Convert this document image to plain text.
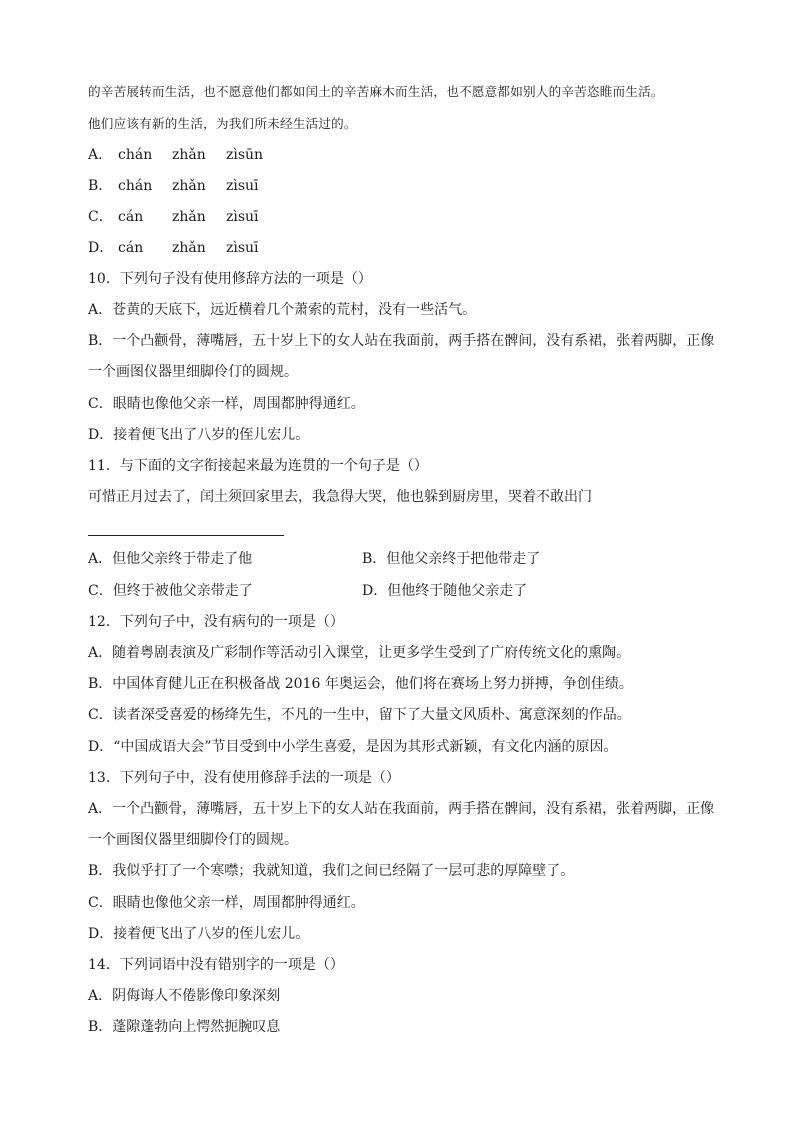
的辛苦展转而生活，也不愿意他们都如闰土的辛苦麻木而生活，也不愿意都如别人的辛苦恣睢而生活。
他们应该有新的生活，为我们所未经生活过的。
A． chán zhǎn zìsūn
B． chán zhǎn zìsuī
C． cán zhǎn zìsuī
D． cán zhǎn zìsuī
10．下列句子没有使用修辞方法的一项是（）
A．苍黄的天底下，远近横着几个萧索的荒村，没有一些活气。
B．一个凸颧骨，薄嘴唇，五十岁上下的女人站在我面前，两手搭在髀间，没有系裙，张着两脚，正像
一个画图仪器里细脚伶仃的圆规。
C．眼睛也像他父亲一样，周围都肿得通红。
D．接着便飞出了八岁的侄儿宏儿。
11．与下面的文字衔接起来最为连贯的一个句子是（）
可惜正月过去了，闰土须回家里去，我急得大哭，他也躲到厨房里，哭着不敢出门
A．但他父亲终于带走了他	B．但他父亲终于把他带走了
C．但终于被他父亲带走了	D．但他终于随他父亲走了
12．下列句子中，没有病句的一项是（）
A．随着粤剧表演及广彩制作等活动引入课堂，让更多学生受到了广府传统文化的熏陶。
B．中国体育健儿正在积极备战 2016 年奥运会，他们将在赛场上努力拼搏，争创佳绩。
C．读者深受喜爱的杨绛先生，不凡的一生中，留下了大量文风质朴、寓意深刻的作品。
D．“中国成语大会”节目受到中小学生喜爱，是因为其形式新颖，有文化内涵的原因。
13．下列句子中，没有使用修辞手法的一项是（）
A．一个凸颧骨，薄嘴唇，五十岁上下的女人站在我面前，两手搭在髀间，没有系裙，张着两脚，正像
一个画图仪器里细脚伶仃的圆规。
B．我似乎打了一个寒噤；我就知道，我们之间已经隔了一层可悲的厚障壁了。
C．眼睛也像他父亲一样，周围都肿得通红。
D．接着便飞出了八岁的侄儿宏儿。
14．下列词语中没有错别字的一项是（）
A．阴侮诲人不倦影像印象深刻
B．蓬隙蓬勃向上愕然扼腕叹息
